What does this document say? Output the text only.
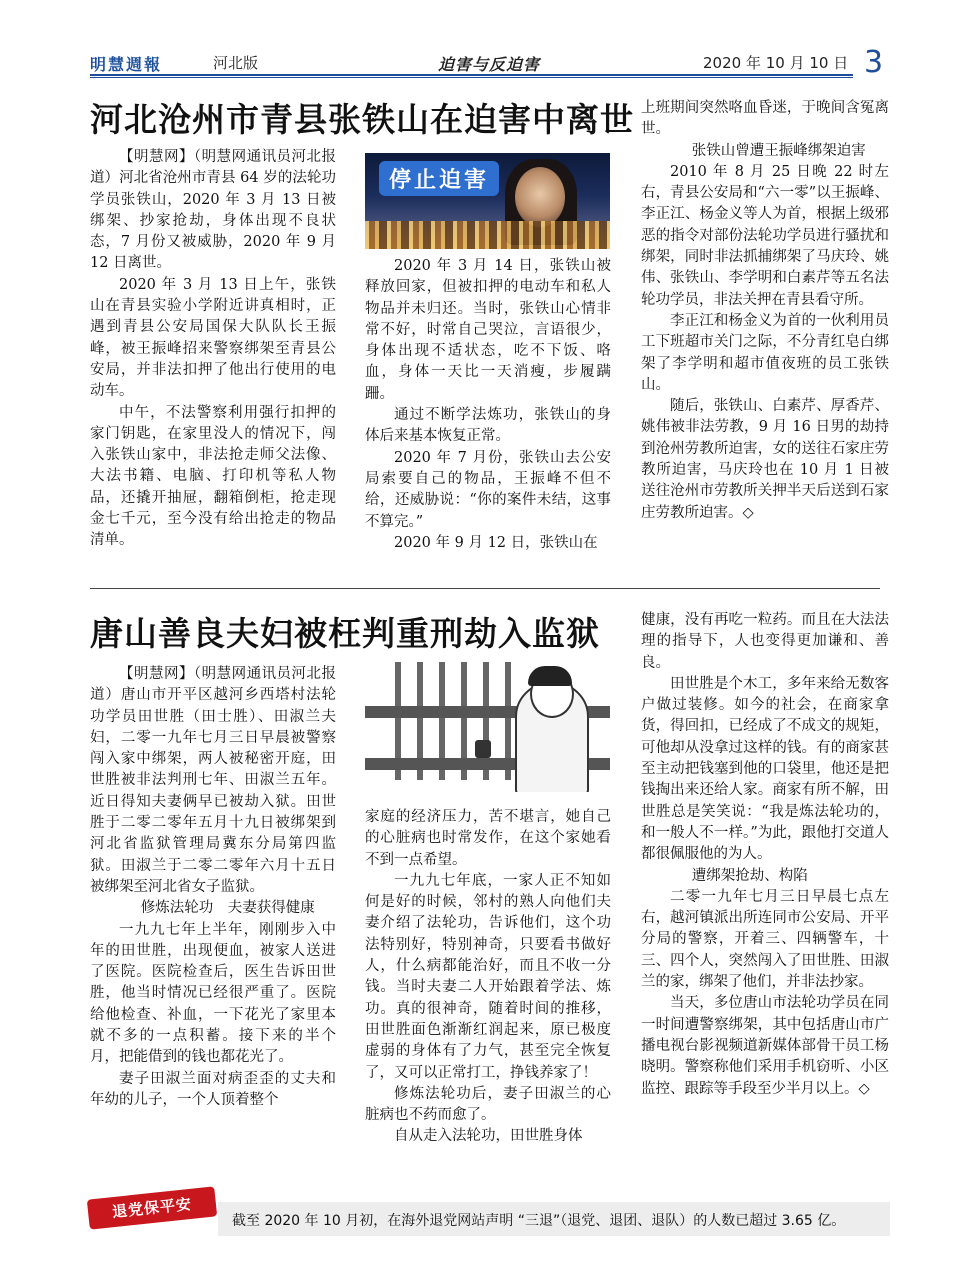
明慧週報	河北版	迫害与反迫害	2020 年 10 月 10 日 3
河北沧州市青县张铁山在迫害中离世

【明慧网】（明慧网通讯员河北报道）河北省沧州市青县 64 岁的法轮功学员张铁山，2020 年 3 月 13 日被绑架、抄家抢劫，身体出现不良状态，7 月份又被威胁，2020 年 9 月 12 日离世。

2020 年 3 月 13 日上午，张铁山在青县实验小学附近讲真相时，正遇到青县公安局国保大队队长王振峰，被王振峰招来警察绑架至青县公安局，并非法扣押了他出行使用的电动车。

中午，不法警察利用强行扣押的家门钥匙，在家里没人的情况下，闯入张铁山家中，非法抢走师父法像、大法书籍、电脑、打印机等私人物品，还撬开抽屉，翻箱倒柜，抢走现金七千元，至今没有给出抢走的物品清单。

停止迫害

2020 年 3 月 14 日，张铁山被释放回家，但被扣押的电动车和私人物品并未归还。当时，张铁山心情非常不好，时常自己哭泣，言语很少，身体出现不适状态，吃不下饭、咯血，身体一天比一天消瘦，步履蹒跚。

通过不断学法炼功，张铁山的身体后来基本恢复正常。

2020 年 7 月份，张铁山去公安局索要自己的物品，王振峰不但不给，还威胁说：“你的案件未结，这事不算完。”

2020 年 9 月 12 日，张铁山在

上班期间突然咯血昏迷，于晚间含冤离世。

张铁山曾遭王振峰绑架迫害

2010 年 8 月 25 日晚 22 时左右，青县公安局和“六一零”以王振峰、李正江、杨金义等人为首，根据上级邪恶的指令对部份法轮功学员进行骚扰和绑架，同时非法抓捕绑架了马庆玲、姚伟、张铁山、李学明和白素芹等五名法轮功学员，非法关押在青县看守所。

李正江和杨金义为首的一伙利用员工下班超市关门之际，不分青红皂白绑架了李学明和超市值夜班的员工张铁山。

随后，张铁山、白素芹、厚香芹、姚伟被非法劳教，9 月 16 日男的劫持到沧州劳教所迫害，女的送往石家庄劳教所迫害，马庆玲也在 10 月 1 日被送往沧州市劳教所关押半天后送到石家庄劳教所迫害。◇

唐山善良夫妇被枉判重刑劫入监狱

【明慧网】（明慧网通讯员河北报道）唐山市开平区越河乡西塔村法轮功学员田世胜（田士胜）、田淑兰夫妇，二零一九年七月三日早晨被警察闯入家中绑架，两人被秘密开庭，田世胜被非法判刑七年、田淑兰五年。近日得知夫妻俩早已被劫入狱。田世胜于二零二零年五月十九日被绑架到河北省监狱管理局冀东分局第四监狱。田淑兰于二零二零年六月十五日被绑架至河北省女子监狱。

修炼法轮功　夫妻获得健康

一九九七年上半年，刚刚步入中年的田世胜，出现便血，被家人送进了医院。医院检查后，医生告诉田世胜，他当时情况已经很严重了。医院给他检查、补血，一下花光了家里本就不多的一点积蓄。接下来的半个月，把能借到的钱也都花光了。

妻子田淑兰面对病歪歪的丈夫和年幼的儿子，一个人顶着整个

家庭的经济压力，苦不堪言，她自己的心脏病也时常发作，在这个家她看不到一点希望。

一九九七年底，一家人正不知如何是好的时候，邻村的熟人向他们夫妻介绍了法轮功，告诉他们，这个功法特别好，特别神奇，只要看书做好人，什么病都能治好，而且不收一分钱。当时夫妻二人开始跟着学法、炼功。真的很神奇，随着时间的推移，田世胜面色渐渐红润起来，原已极度虚弱的身体有了力气，甚至完全恢复了，又可以正常打工，挣钱养家了！

修炼法轮功后，妻子田淑兰的心脏病也不药而愈了。

自从走入法轮功，田世胜身体

健康，没有再吃一粒药。而且在大法法理的指导下，人也变得更加谦和、善良。

田世胜是个木工，多年来给无数客户做过装修。如今的社会，在商家拿货，得回扣，已经成了不成文的规矩，可他却从没拿过这样的钱。有的商家甚至主动把钱塞到他的口袋里，他还是把钱掏出来还给人家。商家有所不解，田世胜总是笑笑说：“我是炼法轮功的，和一般人不一样。”为此，跟他打交道人都很佩服他的为人。

遭绑架抢劫、构陷

二零一九年七月三日早晨七点左右，越河镇派出所连同市公安局、开平分局的警察，开着三、四辆警车，十三、四个人，突然闯入了田世胜、田淑兰的家，绑架了他们，并非法抄家。

当天，多位唐山市法轮功学员在同一时间遭警察绑架，其中包括唐山市广播电视台影视频道新媒体部骨干员工杨晓明。警察称他们采用手机窃听、小区监控、跟踪等手段至少半月以上。◇

退党保平安	截至 2020 年 10 月初，在海外退党网站声明 “三退”（退党、退团、退队）的人数已超过 3.65 亿。
